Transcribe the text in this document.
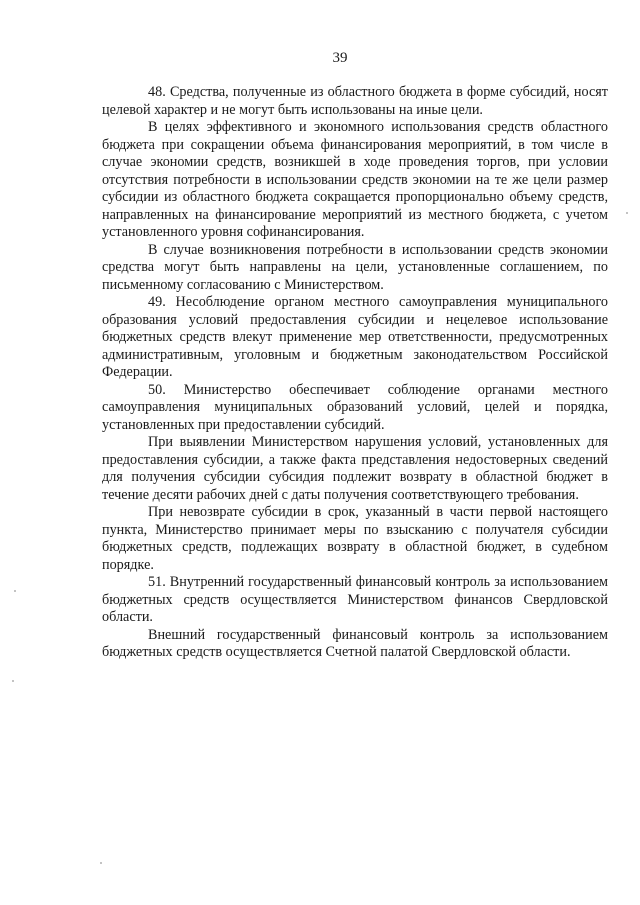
39

48. Средства, полученные из областного бюджета в форме субсидий, носят целевой характер и не могут быть использованы на иные цели.

В целях эффективного и экономного использования средств областного бюджета при сокращении объема финансирования мероприятий, в том числе в случае экономии средств, возникшей в ходе проведения торгов, при условии отсутствия потребности в использовании средств экономии на те же цели размер субсидии из областного бюджета сокращается пропорционально объему средств, направленных на финансирование мероприятий из местного бюджета, с учетом установленного уровня софинансирования.

В случае возникновения потребности в использовании средств экономии средства могут быть направлены на цели, установленные соглашением, по письменному согласованию с Министерством.

49. Несоблюдение органом местного самоуправления муниципального образования условий предоставления субсидии и нецелевое использование бюджетных средств влекут применение мер ответственности, предусмотренных административным, уголовным и бюджетным законодательством Российской Федерации.

50. Министерство обеспечивает соблюдение органами местного самоуправления муниципальных образований условий, целей и порядка, установленных при предоставлении субсидий.

При выявлении Министерством нарушения условий, установленных для предоставления субсидии, а также факта представления недостоверных сведений для получения субсидии субсидия подлежит возврату в областной бюджет в течение десяти рабочих дней с даты получения соответствующего требования.

При невозврате субсидии в срок, указанный в части первой настоящего пункта, Министерство принимает меры по взысканию с получателя субсидии бюджетных средств, подлежащих возврату в областной бюджет, в судебном порядке.

51. Внутренний государственный финансовый контроль за использованием бюджетных средств осуществляется Министерством финансов Свердловской области.

Внешний государственный финансовый контроль за использованием бюджетных средств осуществляется Счетной палатой Свердловской области.
